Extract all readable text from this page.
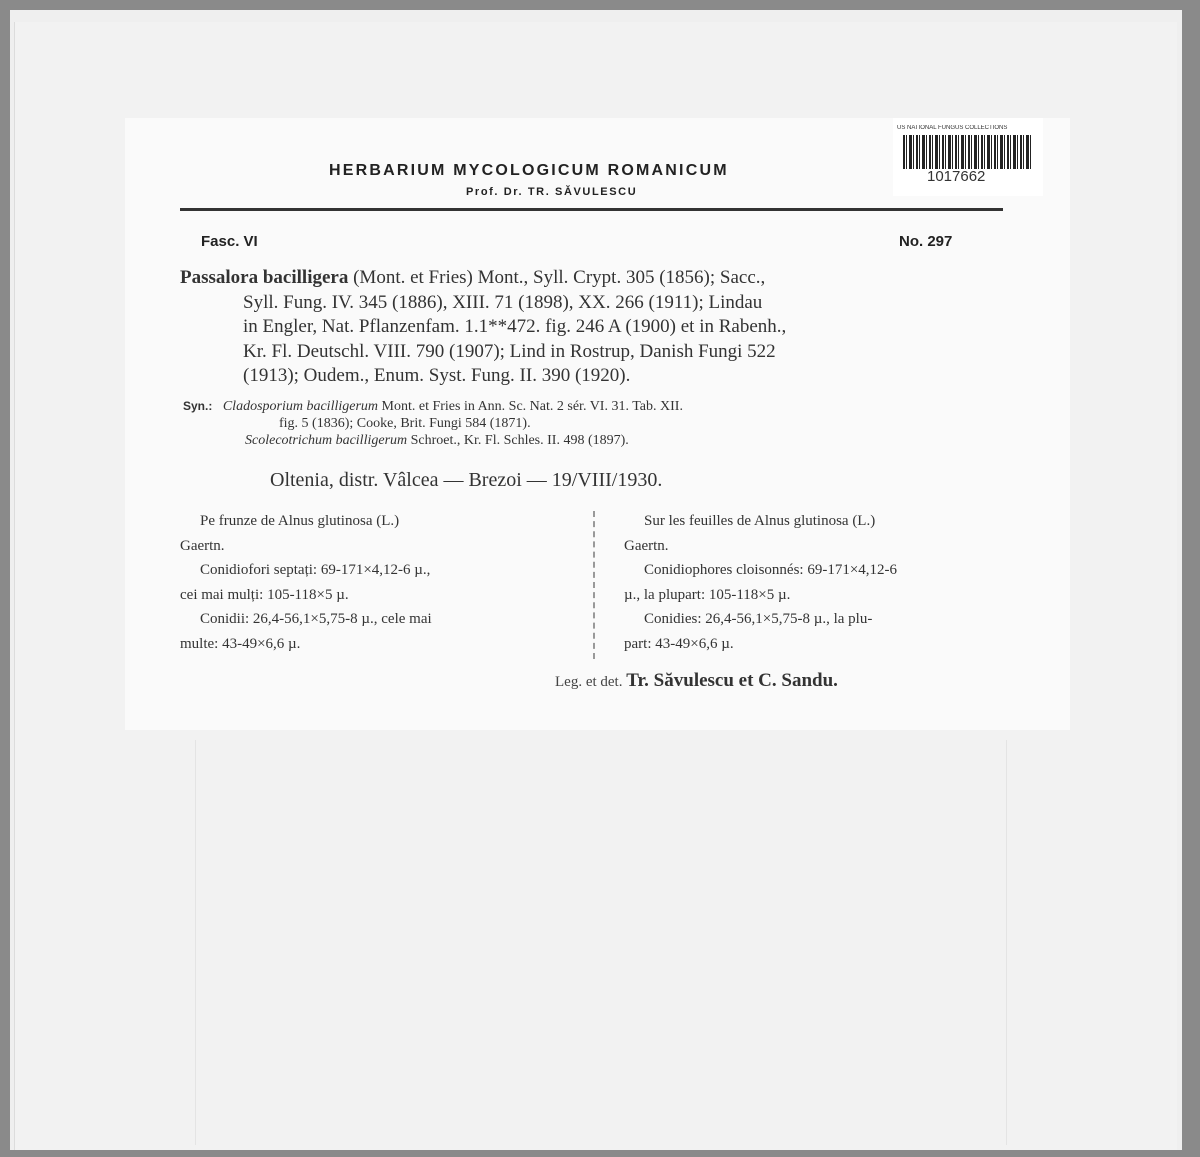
US NATIONAL FUNGUS COLLECTIONS
1017662
HERBARIUM MYCOLOGICUM ROMANICUM
Prof. Dr. TR. SĂVULESCU
Fasc. VI	No. 297
Passalora bacilligera (Mont. et Fries) Mont., Syll. Crypt. 305 (1856); Sacc.,
Syll. Fung. IV. 345 (1886), XIII. 71 (1898), XX. 266 (1911); Lindau
in Engler, Nat. Pflanzenfam. 1.1**472. fig. 246 A (1900) et in Rabenh.,
Kr. Fl. Deutschl. VIII. 790 (1907); Lind in Rostrup, Danish Fungi 522
(1913); Oudem., Enum. Syst. Fung. II. 390 (1920).
Syn.: Cladosporium bacilligerum Mont. et Fries in Ann. Sc. Nat. 2 sér. VI. 31. Tab. XII.
fig. 5 (1836); Cooke, Brit. Fungi 584 (1871).
Scolecotrichum bacilligerum Schroet., Kr. Fl. Schles. II. 498 (1897).
Oltenia, distr. Vâlcea — Brezoi — 19/VIII/1930.
Pe frunze de Alnus glutinosa (L.)
Gaertn.
Conidiofori septați: 69-171×4,12-6 µ.,
cei mai mulți: 105-118×5 µ.
Conidii: 26,4-56,1×5,75-8 µ., cele mai
multe: 43-49×6,6 µ.
Sur les feuilles de Alnus glutinosa (L.)
Gaertn.
Conidiophores cloisonnés: 69-171×4,12-6
µ., la plupart: 105-118×5 µ.
Conidies: 26,4-56,1×5,75-8 µ., la plu-
part: 43-49×6,6 µ.
Leg. et det. Tr. Săvulescu et C. Sandu.
